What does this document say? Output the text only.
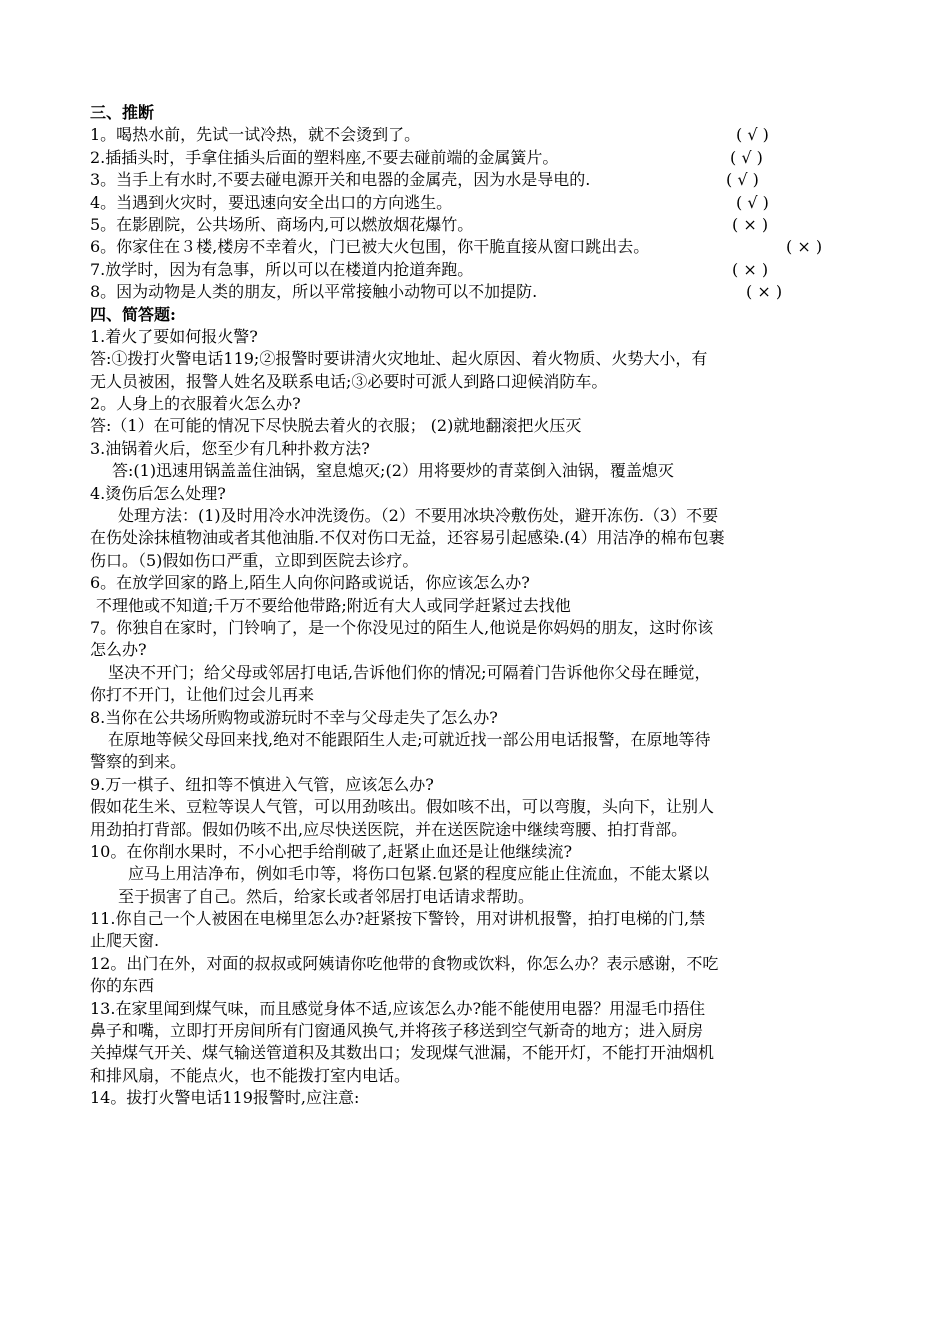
三、推断
1。喝热水前，先试一试冷热，就不会烫到了。	( √ )
2.插插头时，手拿住插头后面的塑料座,不要去碰前端的金属簧片。	( √ )
3。当手上有水时,不要去碰电源开关和电器的金属壳，因为水是导电的.	( √ )
4。当遇到火灾时，要迅速向安全出口的方向逃生。	( √ )
5。在影剧院，公共场所、商场内,可以燃放烟花爆竹。	( × )
6。你家住在３楼,楼房不幸着火，门已被大火包围，你干脆直接从窗口跳出去。	( × )
7.放学时，因为有急事，所以可以在楼道内抢道奔跑。	( × )
8。因为动物是人类的朋友，所以平常接触小动物可以不加提防.	( × )
四、简答题:
1.着火了要如何报火警?
答:①拨打火警电话119;②报警时要讲清火灾地址、起火原因、着火物质、火势大小，有
无人员被困，报警人姓名及联系电话;③必要时可派人到路口迎候消防车。
2。人身上的衣服着火怎么办?
答:（1）在可能的情况下尽快脱去着火的衣服； (2)就地翻滚把火压灭
3.油锅着火后，您至少有几种扑救方法?
答:(1)迅速用锅盖盖住油锅，窒息熄灭;(2）用将要炒的青菜倒入油锅，覆盖熄灭
4.烫伤后怎么处理?
处理方法：(1)及时用冷水冲洗烫伤。（2）不要用冰块冷敷伤处，避开冻伤.（3）不要
在伤处涂抹植物油或者其他油脂.不仅对伤口无益，还容易引起感染.(4）用洁净的棉布包裹
伤口。（5)假如伤口严重，立即到医院去诊疗。
6。在放学回家的路上,陌生人向你问路或说话，你应该怎么办?
不理他或不知道;千万不要给他带路;附近有大人或同学赶紧过去找他
7。你独自在家时，门铃响了，是一个你没见过的陌生人,他说是你妈妈的朋友，这时你该
怎么办?
坚决不开门；给父母或邻居打电话,告诉他们你的情况;可隔着门告诉他你父母在睡觉，
你打不开门，让他们过会儿再来
8.当你在公共场所购物或游玩时不幸与父母走失了怎么办?
在原地等候父母回来找,绝对不能跟陌生人走;可就近找一部公用电话报警，在原地等待
警察的到来。
9.万一棋子、纽扣等不慎进入气管，应该怎么办?
假如花生米、豆粒等误人气管，可以用劲咳出。假如咳不出，可以弯腹，头向下，让别人
用劲拍打背部。假如仍咳不出,应尽快送医院，并在送医院途中继续弯腰、拍打背部。
10。在你削水果时，不小心把手给削破了,赶紧止血还是让他继续流?
应马上用洁净布，例如毛巾等，将伤口包紧.包紧的程度应能止住流血，不能太紧以
至于损害了自己。然后，给家长或者邻居打电话请求帮助。
11.你自己一个人被困在电梯里怎么办?赶紧按下警铃，用对讲机报警，拍打电梯的门,禁
止爬天窗.
12。出门在外，对面的叔叔或阿姨请你吃他带的食物或饮料，你怎么办？表示感谢，不吃
你的东西
13.在家里闻到煤气味，而且感觉身体不适,应该怎么办?能不能使用电器？用湿毛巾捂住
鼻子和嘴，立即打开房间所有门窗通风换气,并将孩子移送到空气新奇的地方；进入厨房
关掉煤气开关、煤气输送管道积及其数出口；发现煤气泄漏，不能开灯，不能打开油烟机
和排风扇，不能点火，也不能拨打室内电话。
14。拔打火警电话119报警时,应注意:
